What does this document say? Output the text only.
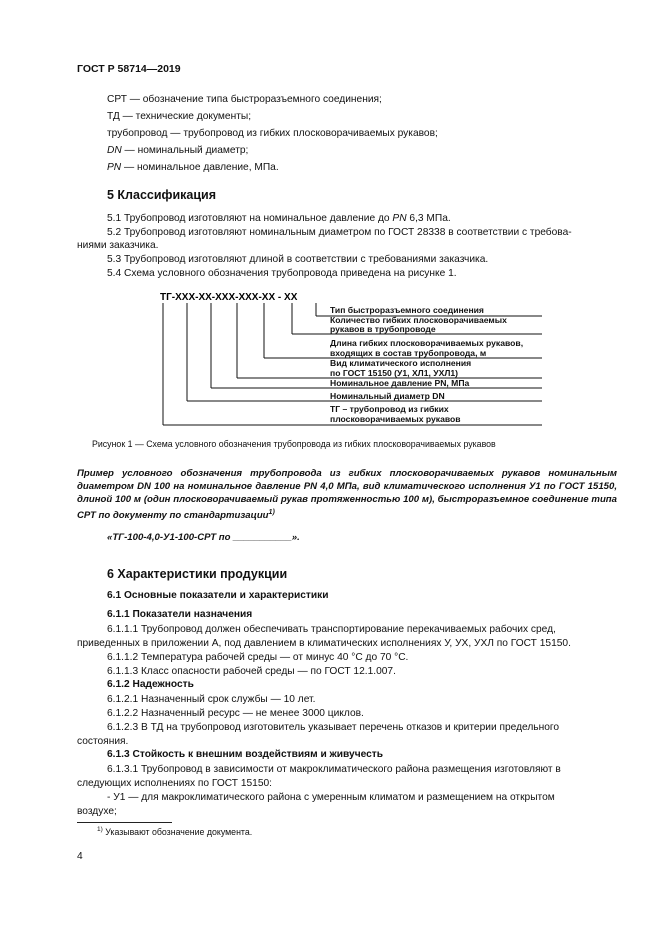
ГОСТ Р 58714—2019
СРТ — обозначение типа быстроразъемного соединения;
ТД — технические документы;
трубопровод — трубопровод из гибких плосковорачиваемых рукавов;
DN — номинальный диаметр;
PN — номинальное давление, МПа.
5 Классификация
5.1 Трубопровод изготовляют на номинальное давление до PN 6,3 МПа.
5.2 Трубопровод изготовляют номинальным диаметром по ГОСТ 28338 в соответствии с требова-
ниями заказчика.
5.3 Трубопровод изготовляют длиной в соответствии с требованиями заказчика.
5.4 Схема условного обозначения трубопровода приведена на рисунке 1.
ТГ-ХХХ-ХХ-ХХХ-ХХХ-ХХ - ХХ
Тип быстроразъемного соединения
Количество гибких плосковорачиваемых
рукавов в трубопроводе
Длина гибких плосковорачиваемых рукавов,
входящих в состав трубопровода, м
Вид климатического исполнения
по ГОСТ 15150 (У1, ХЛ1, УХЛ1)
Номинальное давление PN, МПа
Номинальный диаметр DN
ТГ – трубопровод из гибких
плосковорачиваемых рукавов
Рисунок 1 — Схема условного обозначения трубопровода из гибких плосковорачиваемых рукавов
Пример условного обозначения трубопровода из гибких плосковорачиваемых рукавов номинальным диаметром DN 100 на номинальное давление PN 4,0 МПа, вид климатического исполнения У1 по ГОСТ 15150, длиной 100 м (один плосковорачиваемый рукав протяженностью 100 м), быстроразъемное соединение типа СРТ по документу по стандартизации$^{1)}$
«ТГ-100-4,0-У1-100-СРТ по ___________».
6 Характеристики продукции
6.1 Основные показатели и характеристики
6.1.1 Показатели назначения
6.1.1.1 Трубопровод должен обеспечивать транспортирование перекачиваемых рабочих сред,
приведенных в приложении А, под давлением в климатических исполнениях У, УХ, УХЛ по ГОСТ 15150.
6.1.1.2 Температура рабочей среды — от минус 40 °С до 70 °С.
6.1.1.3 Класс опасности рабочей среды — по ГОСТ 12.1.007.
6.1.2 Надежность
6.1.2.1 Назначенный срок службы — 10 лет.
6.1.2.2 Назначенный ресурс — не менее 3000 циклов.
6.1.2.3 В ТД на трубопровод изготовитель указывает перечень отказов и критерии предельного
состояния.
6.1.3 Стойкость к внешним воздействиям и живучесть
6.1.3.1 Трубопровод в зависимости от макроклиматического района размещения изготовляют в
следующих исполнениях по ГОСТ 15150:
- У1 — для макроклиматического района с умеренным климатом и размещением на открытом
воздухе;
$^{1)}$ Указывают обозначение документа.
4
